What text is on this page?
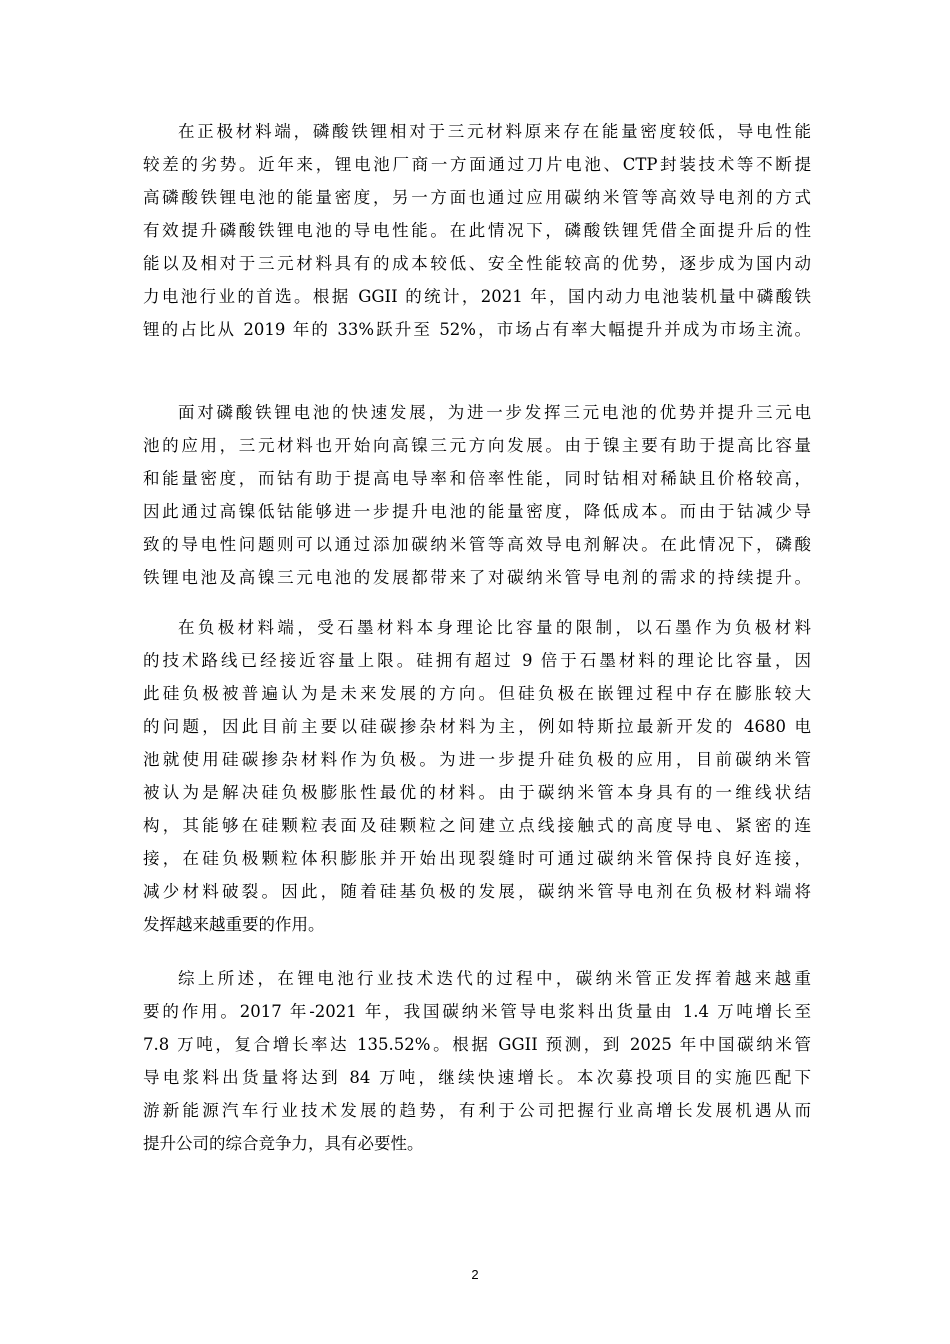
在正极材料端，磷酸铁锂相对于三元材料原来存在能量密度较低，导电性能
较差的劣势。近年来，锂电池厂商一方面通过刀片电池、CTP封装技术等不断提
高磷酸铁锂电池的能量密度，另一方面也通过应用碳纳米管等高效导电剂的方式
有效提升磷酸铁锂电池的导电性能。在此情况下，磷酸铁锂凭借全面提升后的性
能以及相对于三元材料具有的成本较低、安全性能较高的优势，逐步成为国内动
力电池行业的首选。根据 GGII 的统计，2021 年，国内动力电池装机量中磷酸铁
锂的占比从 2019 年的 33%跃升至 52%，市场占有率大幅提升并成为市场主流。
面对磷酸铁锂电池的快速发展，为进一步发挥三元电池的优势并提升三元电
池的应用，三元材料也开始向高镍三元方向发展。由于镍主要有助于提高比容量
和能量密度，而钴有助于提高电导率和倍率性能，同时钴相对稀缺且价格较高，
因此通过高镍低钴能够进一步提升电池的能量密度，降低成本。而由于钴减少导
致的导电性问题则可以通过添加碳纳米管等高效导电剂解决。在此情况下，磷酸
铁锂电池及高镍三元电池的发展都带来了对碳纳米管导电剂的需求的持续提升。
在负极材料端，受石墨材料本身理论比容量的限制，以石墨作为负极材料
的技术路线已经接近容量上限。硅拥有超过 9 倍于石墨材料的理论比容量，因
此硅负极被普遍认为是未来发展的方向。但硅负极在嵌锂过程中存在膨胀较大
的问题，因此目前主要以硅碳掺杂材料为主，例如特斯拉最新开发的 4680 电
池就使用硅碳掺杂材料作为负极。为进一步提升硅负极的应用，目前碳纳米管
被认为是解决硅负极膨胀性最优的材料。由于碳纳米管本身具有的一维线状结
构，其能够在硅颗粒表面及硅颗粒之间建立点线接触式的高度导电、紧密的连
接，在硅负极颗粒体积膨胀并开始出现裂缝时可通过碳纳米管保持良好连接，
减少材料破裂。因此，随着硅基负极的发展，碳纳米管导电剂在负极材料端将
发挥越来越重要的作用。
综上所述，在锂电池行业技术迭代的过程中，碳纳米管正发挥着越来越重
要的作用。2017 年-2021 年，我国碳纳米管导电浆料出货量由 1.4 万吨增长至
7.8 万吨，复合增长率达 135.52%。根据 GGII 预测，到 2025 年中国碳纳米管
导电浆料出货量将达到 84 万吨，继续快速增长。本次募投项目的实施匹配下
游新能源汽车行业技术发展的趋势，有利于公司把握行业高增长发展机遇从而
提升公司的综合竞争力，具有必要性。
2
